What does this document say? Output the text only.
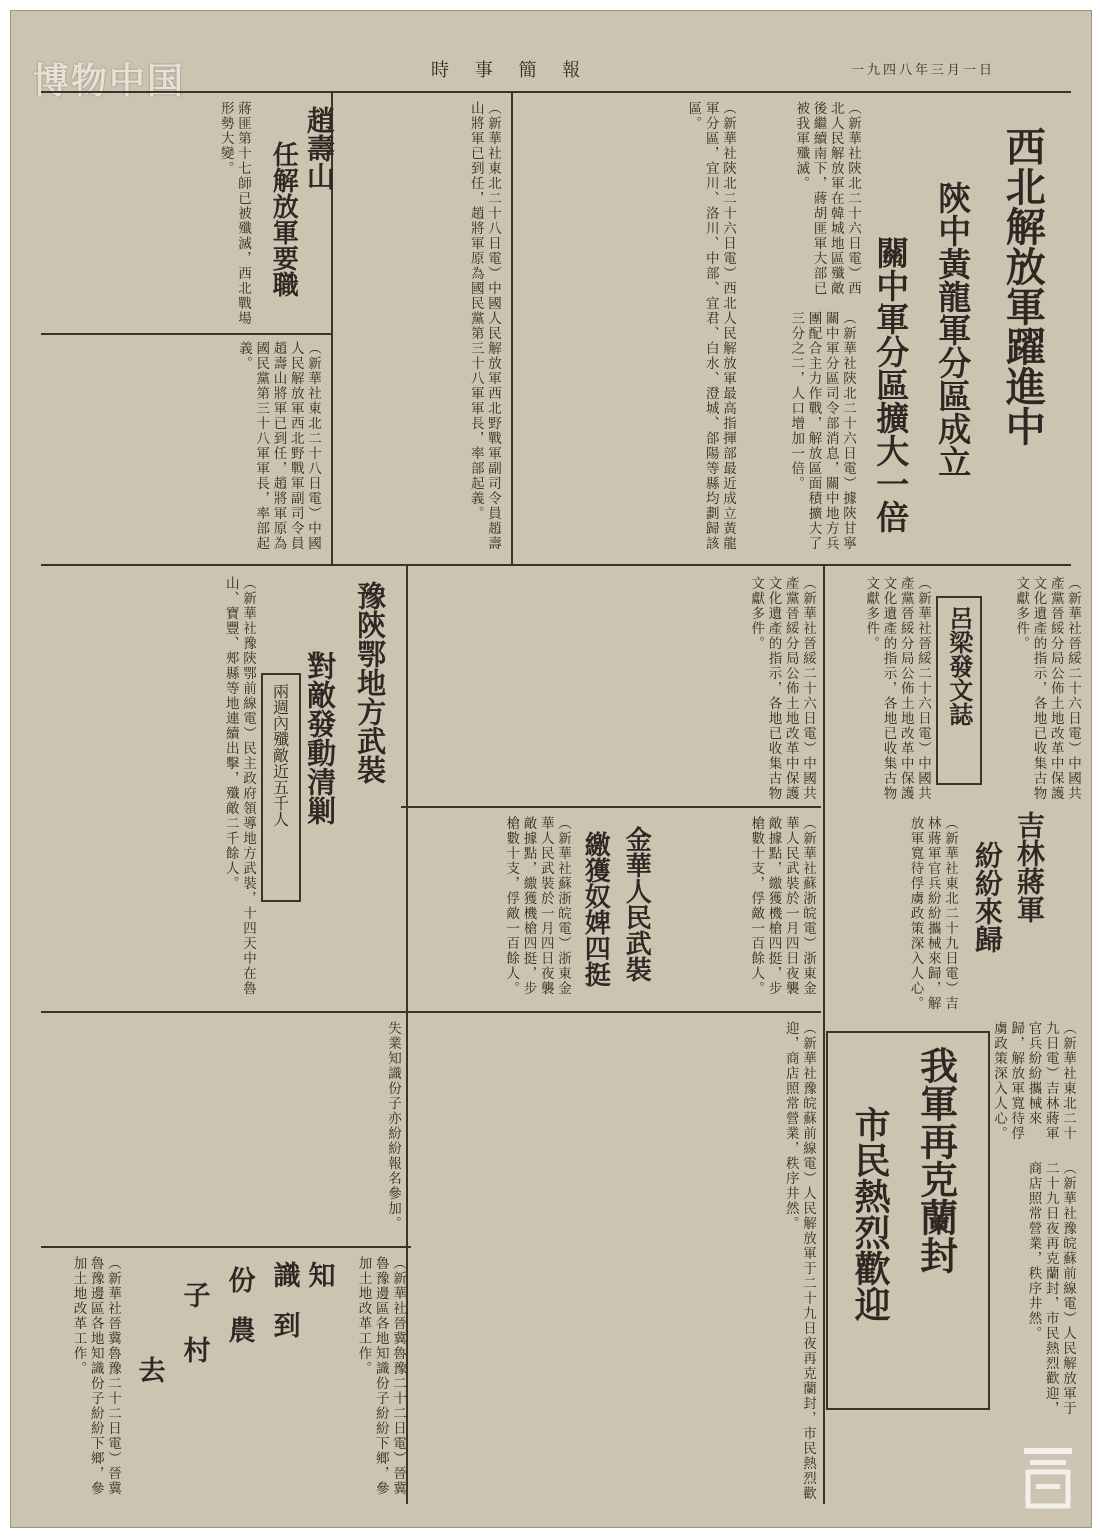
博物中国	時 事 簡 報	一九四八年三月一日
西北解放軍躍進中
陝中黃龍軍分區成立
關中軍分區擴大一倍
（新華社陝北二十六日電）西北人民解放軍在韓城地區殲敵後繼續南下，蔣胡匪軍大部已被我軍殲滅。
（新華社陝北二十六日電）西北人民解放軍最高指揮部最近成立黃龍軍分區，宜川、洛川、中部、宜君、白水、澄城、郃陽等縣均劃歸該區。
（新華社陝北二十六日電）據陝甘寧關中軍分區司令部消息，關中地方兵團配合主力作戰，解放區面積擴大了三分之二，人口增加一倍。
趙壽山
任解放軍要職	（新華社東北二十八日電）中國人民解放軍西北野戰軍副司令員趙壽山將軍已到任，趙將軍原為國民黨第三十八軍軍長，率部起義。
蔣匪第十七師已被殲滅，西北戰場形勢大變。
（新華社東北二十八日電）中國人民解放軍西北野戰軍副司令員趙壽山將軍已到任，趙將軍原為國民黨第三十八軍軍長，率部起義。
豫陝鄂地方武裝
對敵發動清剿
兩週內殲敵近五千人
（新華社豫陝鄂前線電）民主政府領導地方武裝，十四天中在魯山、寶豐、郟縣等地連續出擊，殲敵二千餘人。	呂梁發文誌
（新華社晉綏二十六日電）中國共產黨晉綏分局公佈土地改革中保護文化遺產的指示，各地已收集古物文獻多件。	（新華社晉綏二十六日電）中國共產黨晉綏分局公佈土地改革中保護文化遺產的指示，各地已收集古物文獻多件。
（新華社晉綏二十六日電）中國共產黨晉綏分局公佈土地改革中保護文化遺產的指示，各地已收集古物文獻多件。
金華人民武裝
繳獲奴婢四挺	（新華社蘇浙皖電）浙東金華人民武裝於一月四日夜襲敵據點，繳獲機槍四挺，步槍數十支，俘敵一百餘人。
（新華社蘇浙皖電）浙東金華人民武裝於一月四日夜襲敵據點，繳獲機槍四挺，步槍數十支，俘敵一百餘人。	吉林蔣軍
紛紛來歸
（新華社東北二十九日電）吉林蔣軍官兵紛紛攜械來歸，解放軍寬待俘虜政策深入人心。
（新華社東北二十九日電）吉林蔣軍官兵紛紛攜械來歸，解放軍寬待俘虜政策深入人心。
我軍再克蘭封
市民熱烈歡迎
（新華社豫皖蘇前線電）人民解放軍于二十九日夜再克蘭封，市民熱烈歡迎，商店照常營業，秩序井然。
（新華社豫皖蘇前線電）人民解放軍于二十九日夜再克蘭封，市民熱烈歡迎，商店照常營業，秩序井然。
失業知識份子亦紛紛報名參加。
知
識
份
子
到
農
村
去	（新華社晉冀魯豫二十二日電）晉冀魯豫邊區各地知識份子紛紛下鄉，參加土地改革工作。
（新華社晉冀魯豫二十二日電）晉冀魯豫邊區各地知識份子紛紛下鄉，參加土地改革工作。
